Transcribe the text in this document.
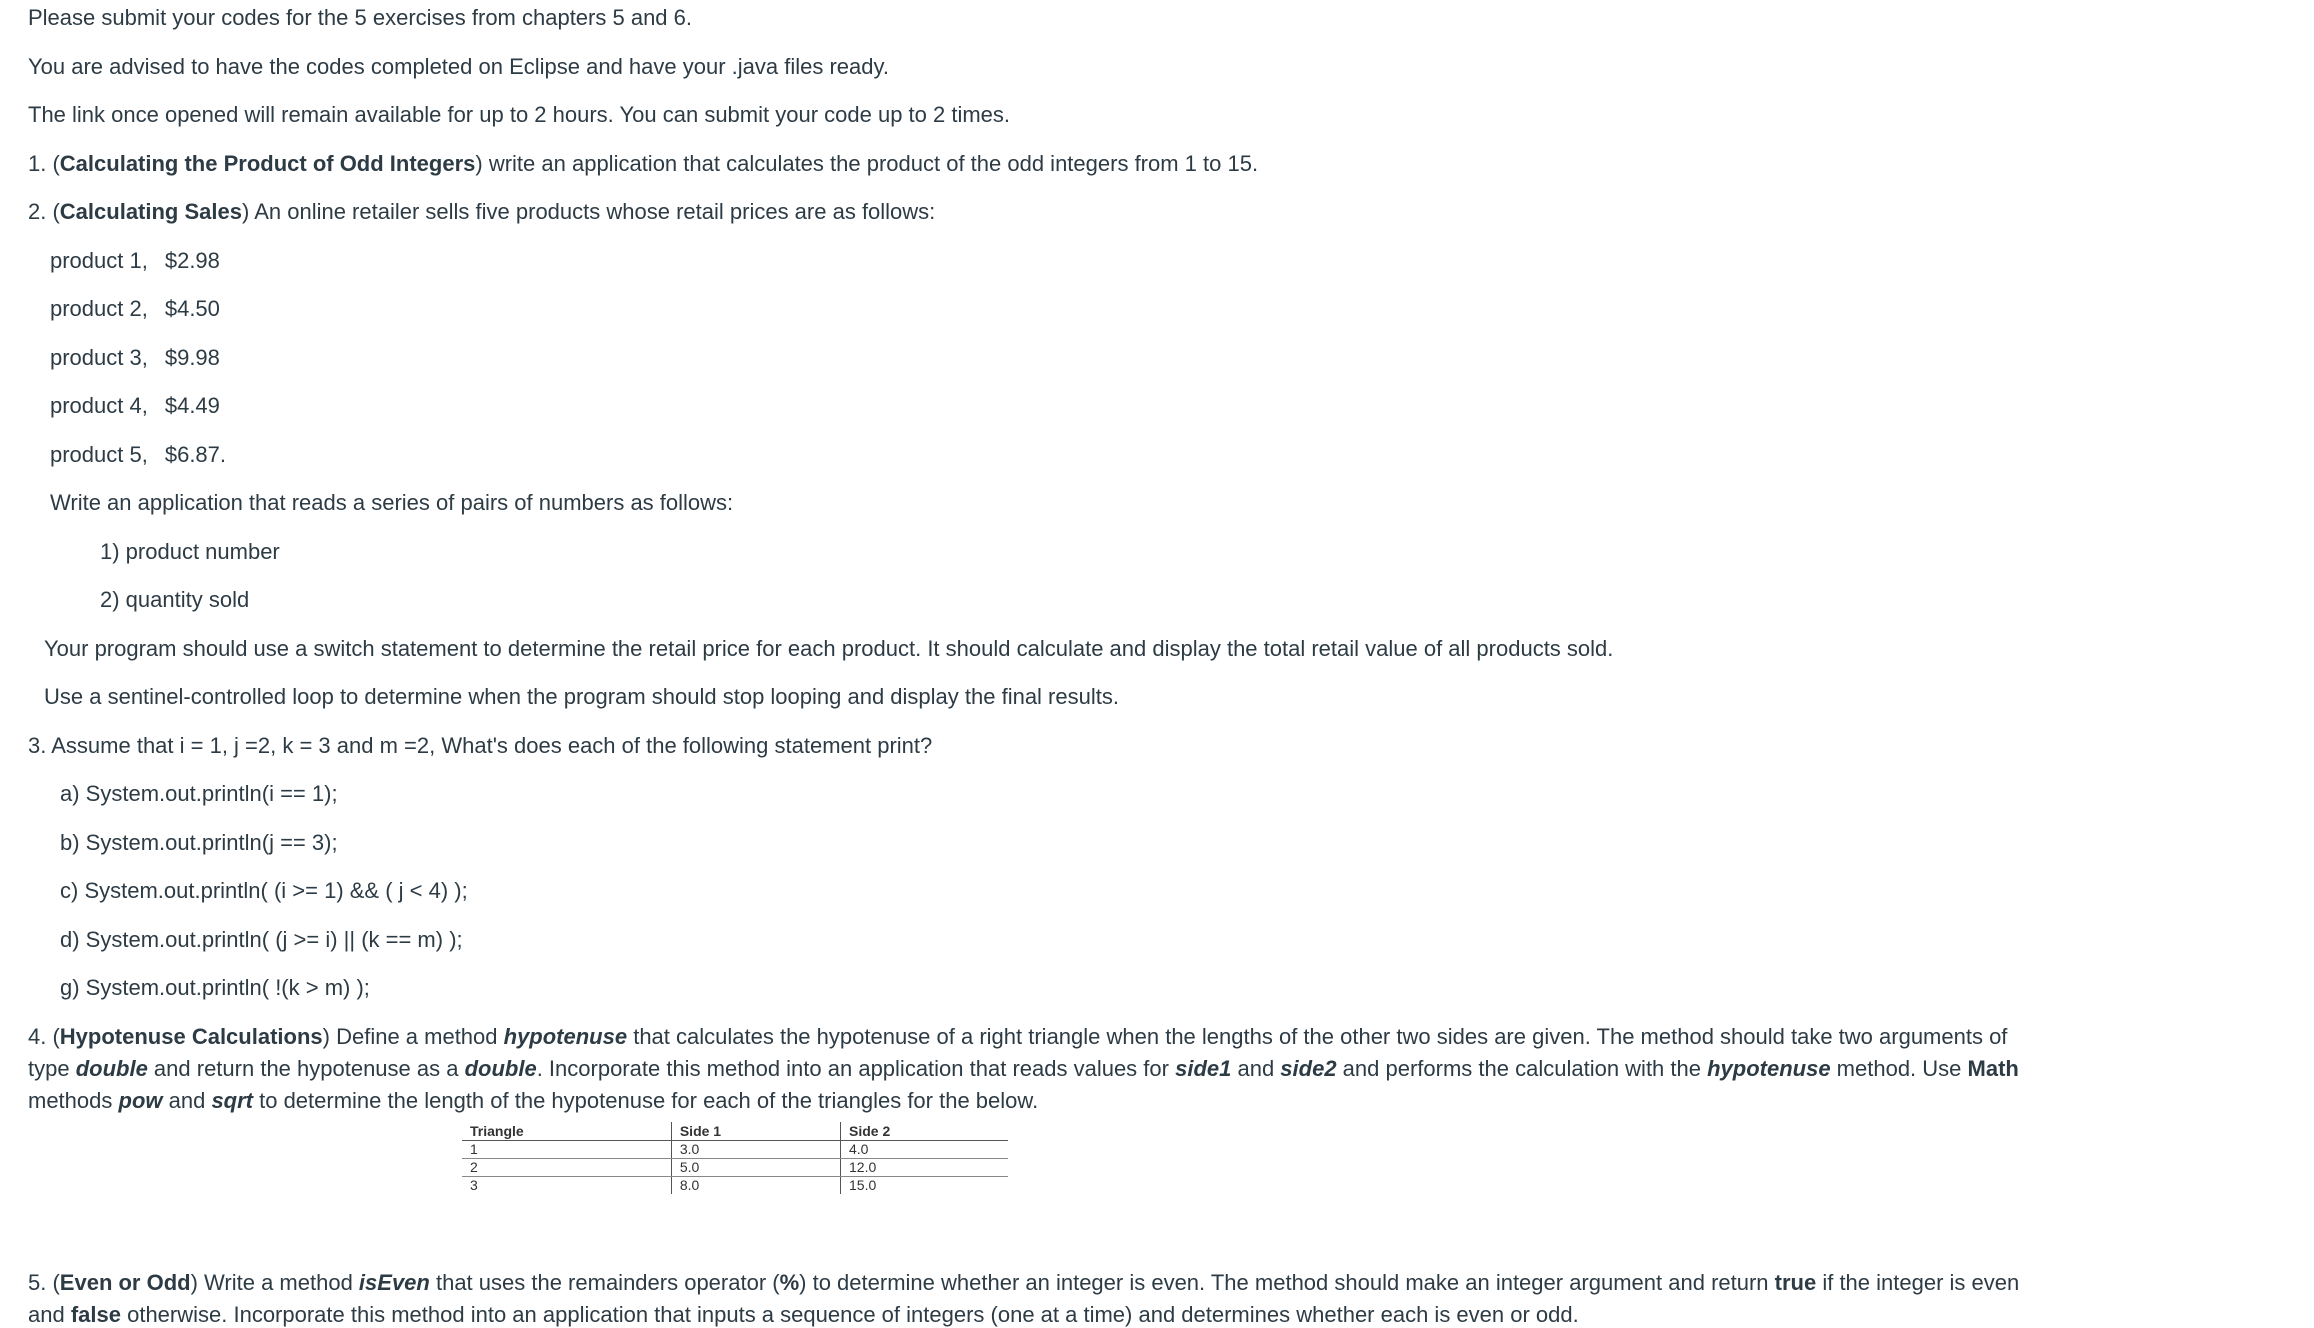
Please submit your codes for the 5 exercises from chapters 5 and 6.

You are advised to have the codes completed on Eclipse and have your .java files ready.

The link once opened will remain available for up to 2 hours. You can submit your code up to 2 times.

1. (Calculating the Product of Odd Integers) write an application that calculates the product of the odd integers from 1 to 15.

2. (Calculating Sales) An online retailer sells five products whose retail prices are as follows:

product 1, $2.98

product 2, $4.50

product 3, $9.98

product 4, $4.49

product 5, $6.87.

Write an application that reads a series of pairs of numbers as follows:

1) product number

2) quantity sold

Your program should use a switch statement to determine the retail price for each product. It should calculate and display the total retail value of all products sold.

Use a sentinel-controlled loop to determine when the program should stop looping and display the final results.

3. Assume that i = 1, j =2, k = 3 and m =2, What's does each of the following statement print?

a) System.out.println(i == 1);

b) System.out.println(j == 3);

c) System.out.println( (i >= 1) && ( j < 4) );

d) System.out.println( (j >= i) || (k == m) );

g) System.out.println( !(k > m) );

4. (Hypotenuse Calculations) Define a method hypotenuse that calculates the hypotenuse of a right triangle when the lengths of the other two sides are given. The method should take two arguments of type double and return the hypotenuse as a double. Incorporate this method into an application that reads values for side1 and side2 and performs the calculation with the hypotenuse method. Use Math methods pow and sqrt to determine the length of the hypotenuse for each of the triangles for the below.

Triangle	Side 1	Side 2
1	3.0	4.0
2	5.0	12.0
3	8.0	15.0

5. (Even or Odd) Write a method isEven that uses the remainders operator (%) to determine whether an integer is even. The method should make an integer argument and return true if the integer is even and false otherwise. Incorporate this method into an application that inputs a sequence of integers (one at a time) and determines whether each is even or odd.
